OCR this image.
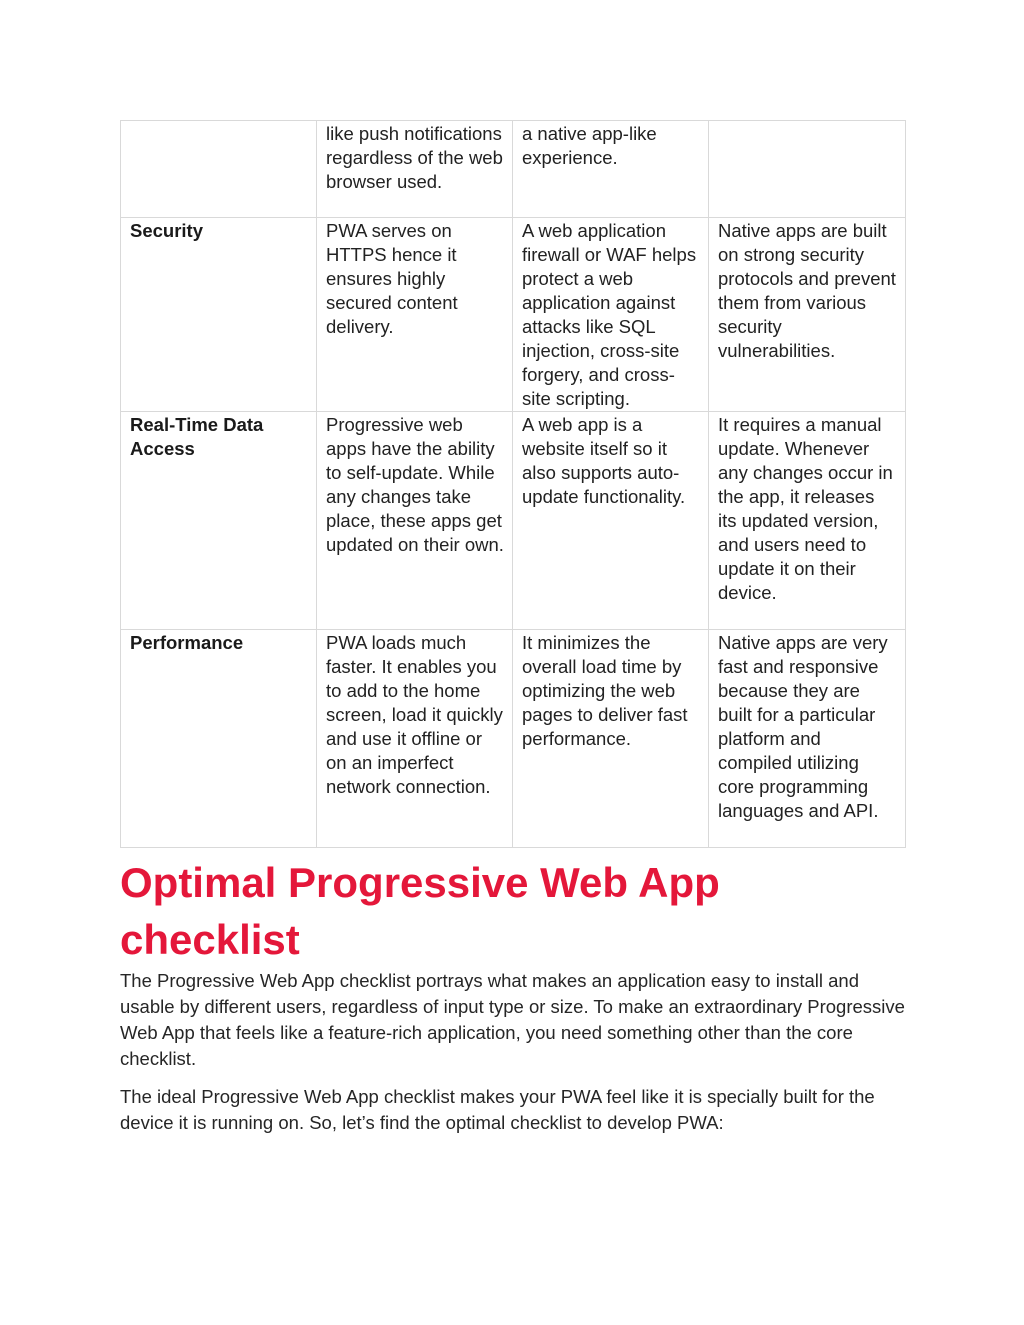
	like push notifications regardless of the web browser used.	a native app-like experience.	
Security	PWA serves on HTTPS hence it ensures highly secured content delivery.	A web application firewall or WAF helps protect a web application against attacks like SQL injection, cross-site forgery, and cross-site scripting.	Native apps are built on strong security protocols and prevent them from various security vulnerabilities.
Real-Time Data Access	Progressive web apps have the ability to self-update. While any changes take place, these apps get updated on their own.	A web app is a website itself so it also supports auto-update functionality.	It requires a manual update. Whenever any changes occur in the app, it releases its updated version, and users need to update it on their device.
Performance	PWA loads much faster. It enables you to add to the home screen, load it quickly and use it offline or on an imperfect network connection.	It minimizes the overall load time by optimizing the web pages to deliver fast performance.	Native apps are very fast and responsive because they are built for a particular platform and compiled utilizing core programming languages and API.
Optimal Progressive Web App checklist

The Progressive Web App checklist portrays what makes an application easy to install and usable by different users, regardless of input type or size. To make an extraordinary Progressive Web App that feels like a feature-rich application, you need something other than the core checklist.

The ideal Progressive Web App checklist makes your PWA feel like it is specially built for the device it is running on. So, let’s find the optimal checklist to develop PWA:
